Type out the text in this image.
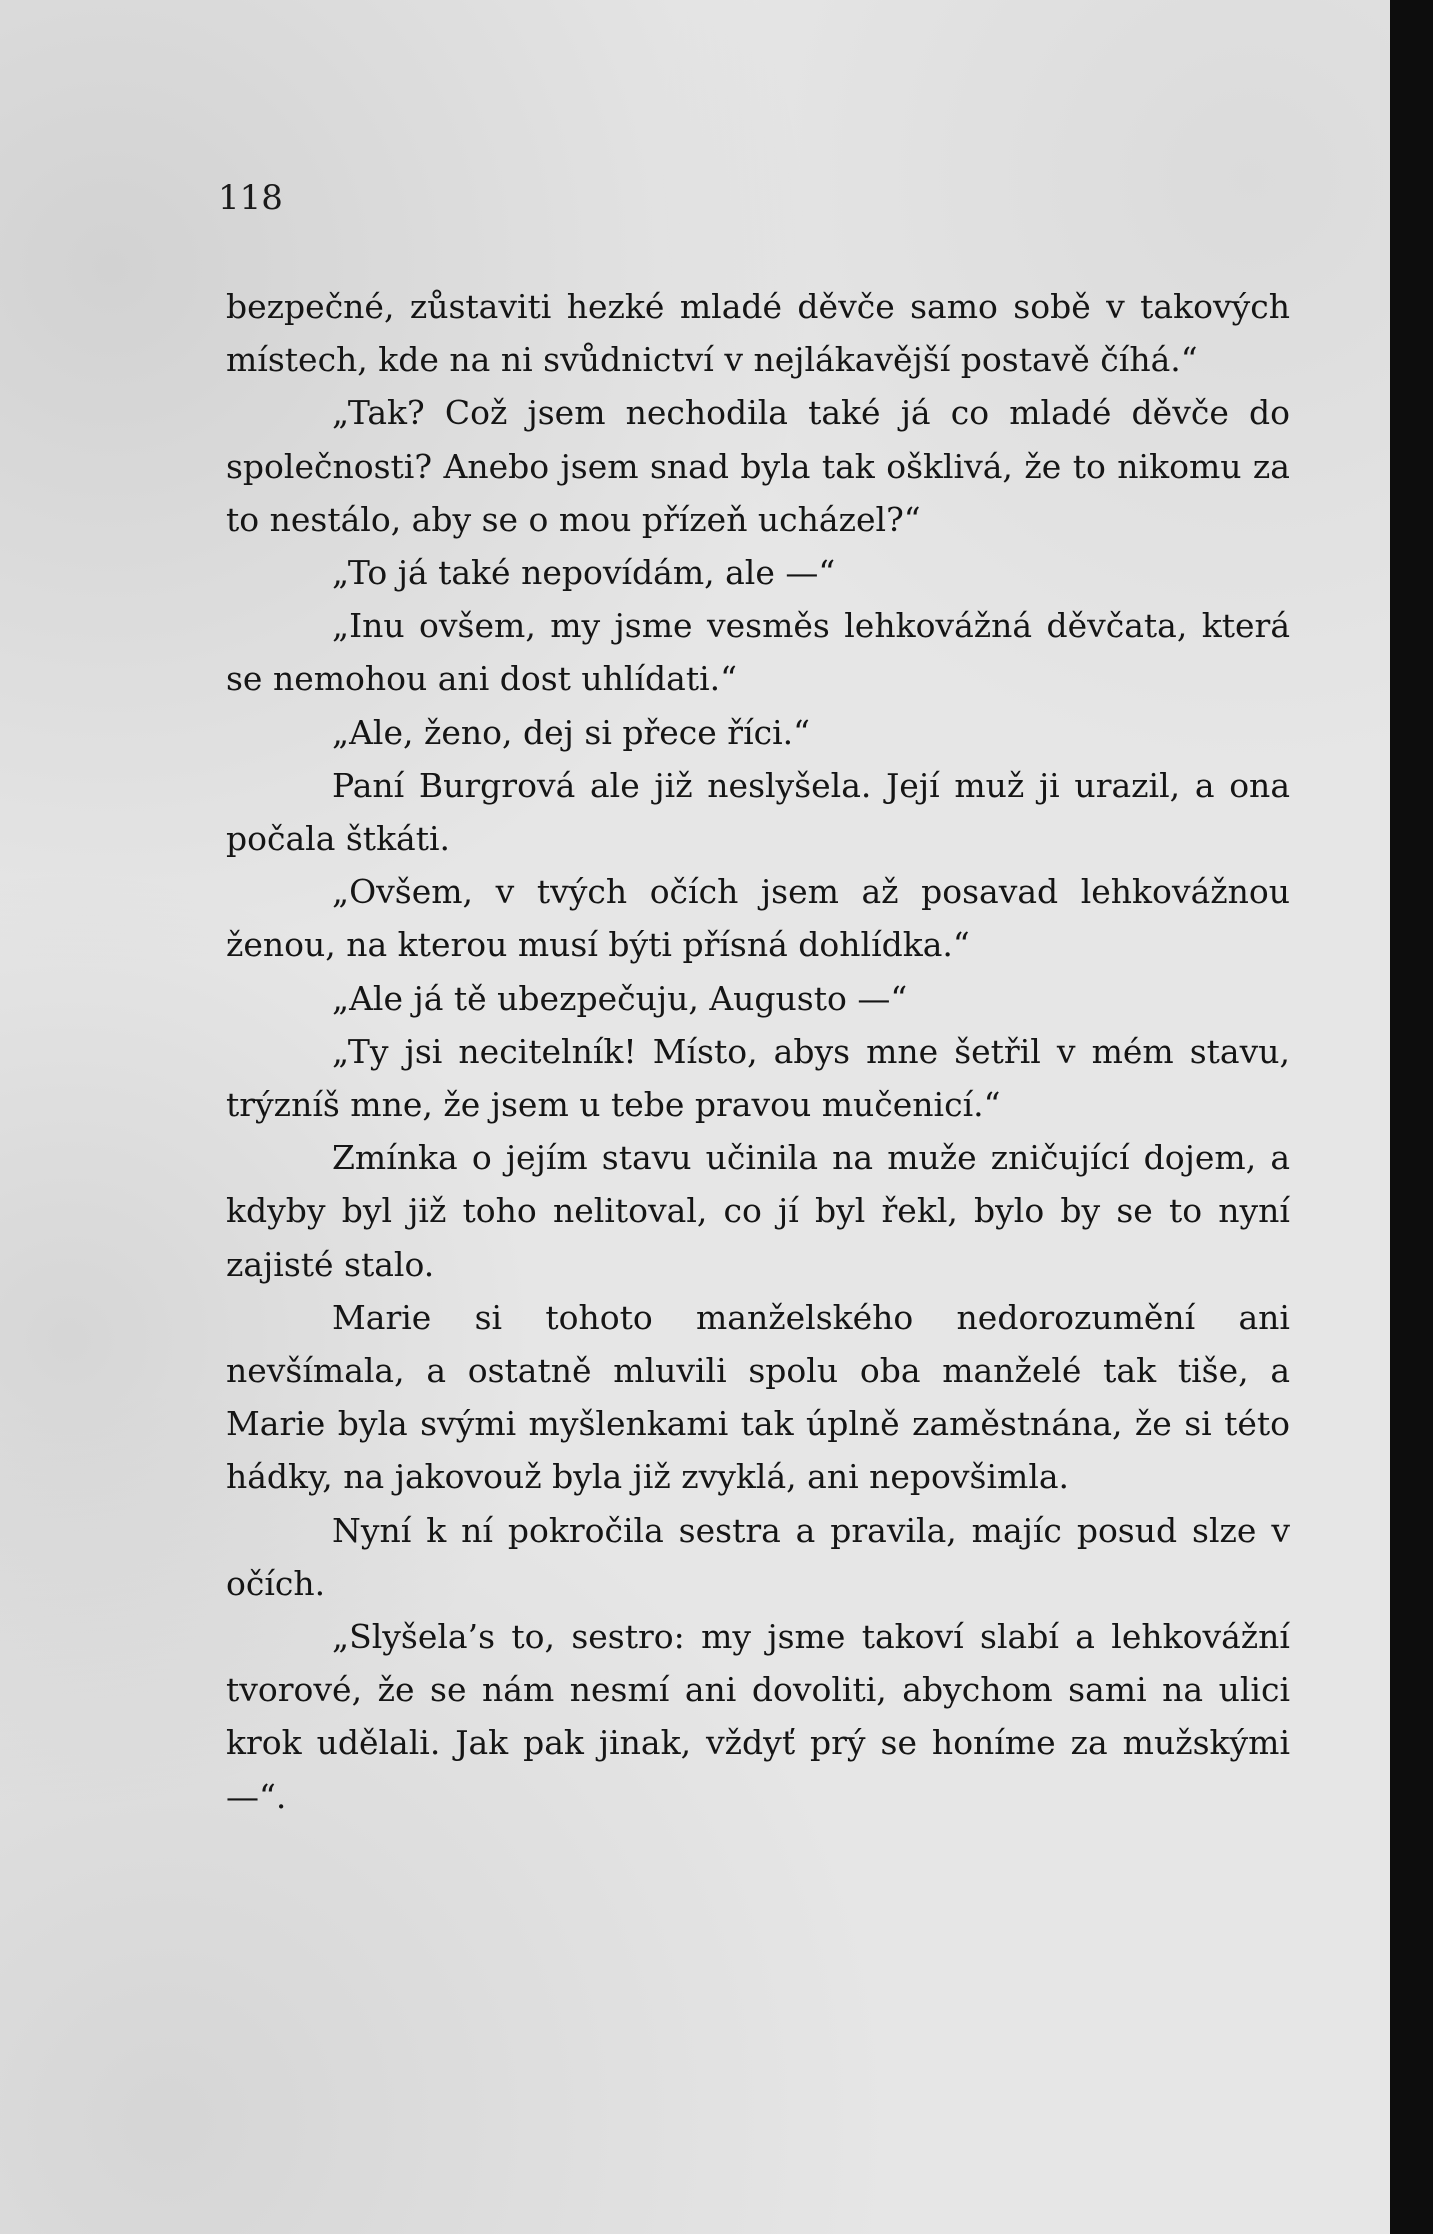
118

bezpečné, zůstaviti hezké mladé děvče samo sobě v takových místech, kde na ni svůdnictví v nejlákavější postavě číhá.“

„Tak? Což jsem nechodila také já co mladé děvče do společnosti? Anebo jsem snad byla tak ošklivá, že to nikomu za to nestálo, aby se o mou přízeň ucházel?“

„To já také nepovídám, ale —“

„Inu ovšem, my jsme vesměs lehkovážná děvčata, která se nemohou ani dost uhlídati.“

„Ale, ženo, dej si přece říci.“

Paní Burgrová ale již neslyšela. Její muž ji urazil, a ona počala štkáti.

„Ovšem, v tvých očích jsem až posavad lehkovážnou ženou, na kterou musí býti přísná dohlídka.“

„Ale já tě ubezpečuju, Augusto —“

„Ty jsi necitelník! Místo, abys mne šetřil v mém stavu, trýzníš mne, že jsem u tebe pravou mučenicí.“

Zmínka o jejím stavu učinila na muže zničující dojem, a kdyby byl již toho nelitoval, co jí byl řekl, bylo by se to nyní zajisté stalo.

Marie si tohoto manželského nedorozumění ani nevšímala, a ostatně mluvili spolu oba manželé tak tiše, a Marie byla svými myšlenkami tak úplně zaměstnána, že si této hádky, na jakovouž byla již zvyklá, ani nepovšimla.

Nyní k ní pokročila sestra a pravila, majíc posud slze v očích.

„Slyšela’s to, sestro: my jsme takoví slabí a lehkovážní tvorové, že se nám nesmí ani dovoliti, abychom sami na ulici krok udělali. Jak pak jinak, vždyť prý se honíme za mužskými —“.
